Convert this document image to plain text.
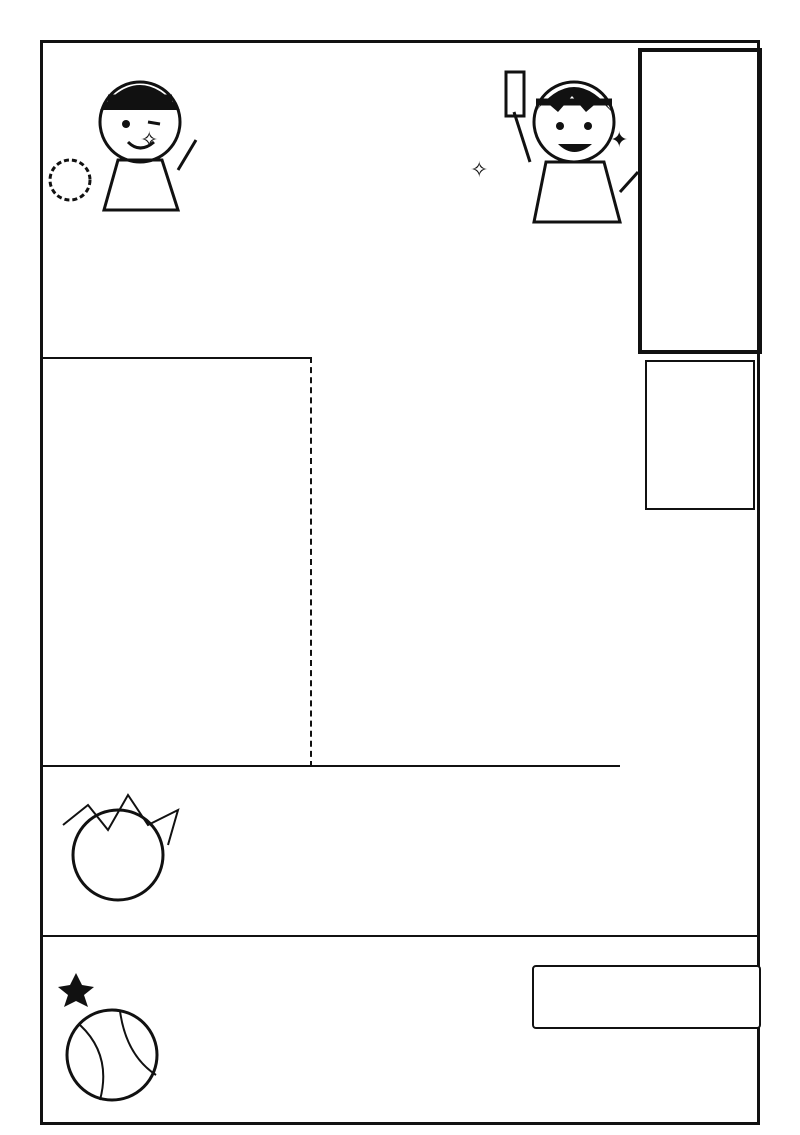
✧
✧
✦
